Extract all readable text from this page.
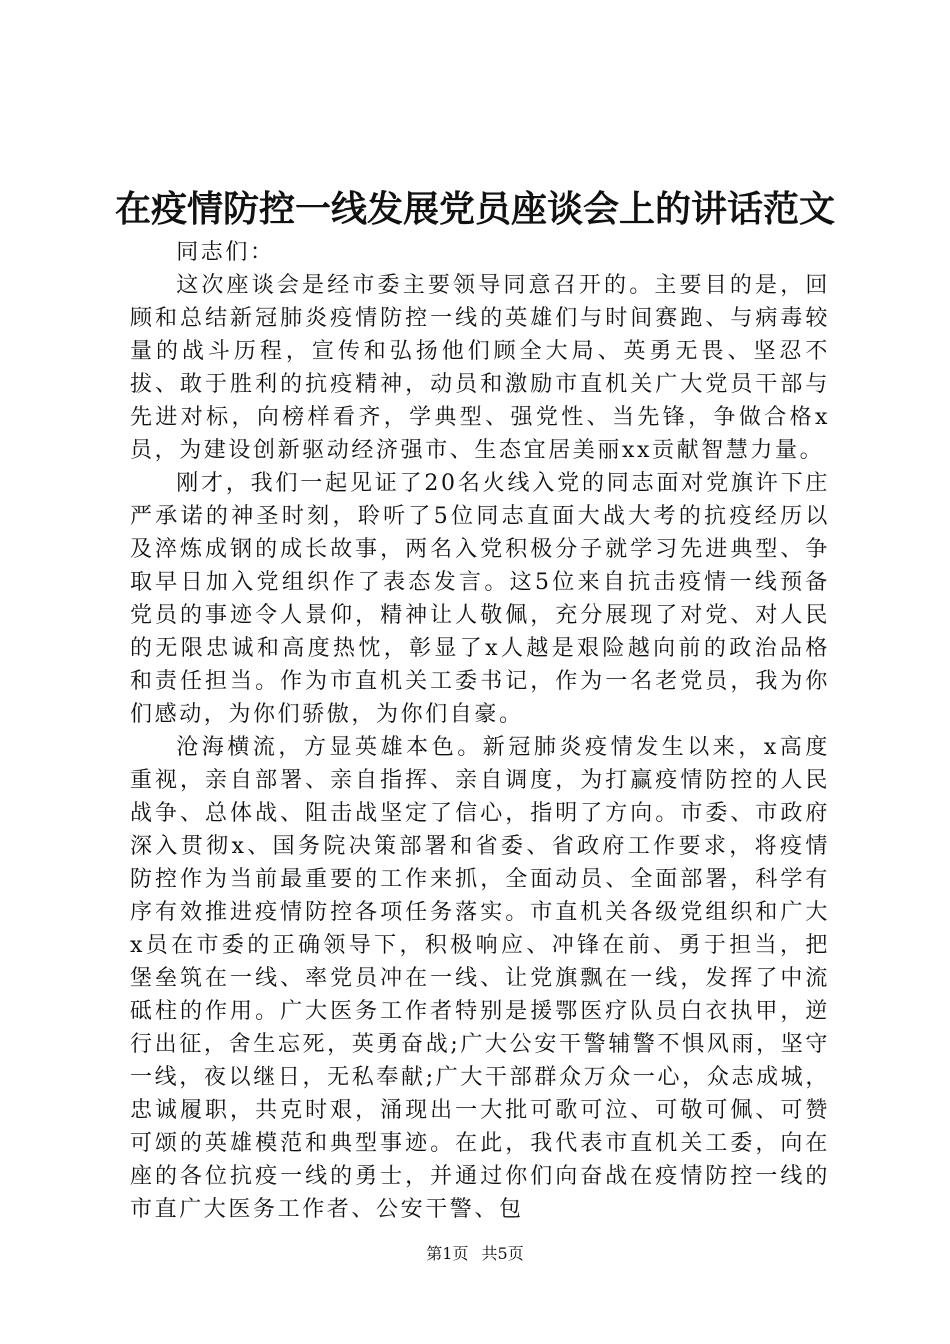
在疫情防控一线发展党员座谈会上的讲话范文

同志们：

这次座谈会是经市委主要领导同意召开的。主要目的是，回顾和总结新冠肺炎疫情防控一线的英雄们与时间赛跑、与病毒较量的战斗历程，宣传和弘扬他们顾全大局、英勇无畏、坚忍不拔、敢于胜利的抗疫精神，动员和激励市直机关广大党员干部与先进对标，向榜样看齐，学典型、强党性、当先锋，争做合格x员，为建设创新驱动经济强市、生态宜居美丽xx贡献智慧力量。

刚才，我们一起见证了20名火线入党的同志面对党旗许下庄严承诺的神圣时刻，聆听了5位同志直面大战大考的抗疫经历以及淬炼成钢的成长故事，两名入党积极分子就学习先进典型、争取早日加入党组织作了表态发言。这5位来自抗击疫情一线预备党员的事迹令人景仰，精神让人敬佩，充分展现了对党、对人民的无限忠诚和高度热忱，彰显了x人越是艰险越向前的政治品格和责任担当。作为市直机关工委书记，作为一名老党员，我为你们感动，为你们骄傲，为你们自豪。

沧海横流，方显英雄本色。新冠肺炎疫情发生以来，x高度重视，亲自部署、亲自指挥、亲自调度，为打赢疫情防控的人民战争、总体战、阻击战坚定了信心，指明了方向。市委、市政府深入贯彻x、国务院决策部署和省委、省政府工作要求，将疫情防控作为当前最重要的工作来抓，全面动员、全面部署，科学有序有效推进疫情防控各项任务落实。市直机关各级党组织和广大x员在市委的正确领导下，积极响应、冲锋在前、勇于担当，把堡垒筑在一线、率党员冲在一线、让党旗飘在一线，发挥了中流砥柱的作用。广大医务工作者特别是援鄂医疗队员白衣执甲，逆行出征，舍生忘死，英勇奋战;广大公安干警辅警不惧风雨，坚守一线，夜以继日，无私奉献;广大干部群众万众一心，众志成城，忠诚履职，共克时艰，涌现出一大批可歌可泣、可敬可佩、可赞可颂的英雄模范和典型事迹。在此，我代表市直机关工委，向在座的各位抗疫一线的勇士，并通过你们向奋战在疫情防控一线的市直广大医务工作者、公安干警、包

第1页 共5页
